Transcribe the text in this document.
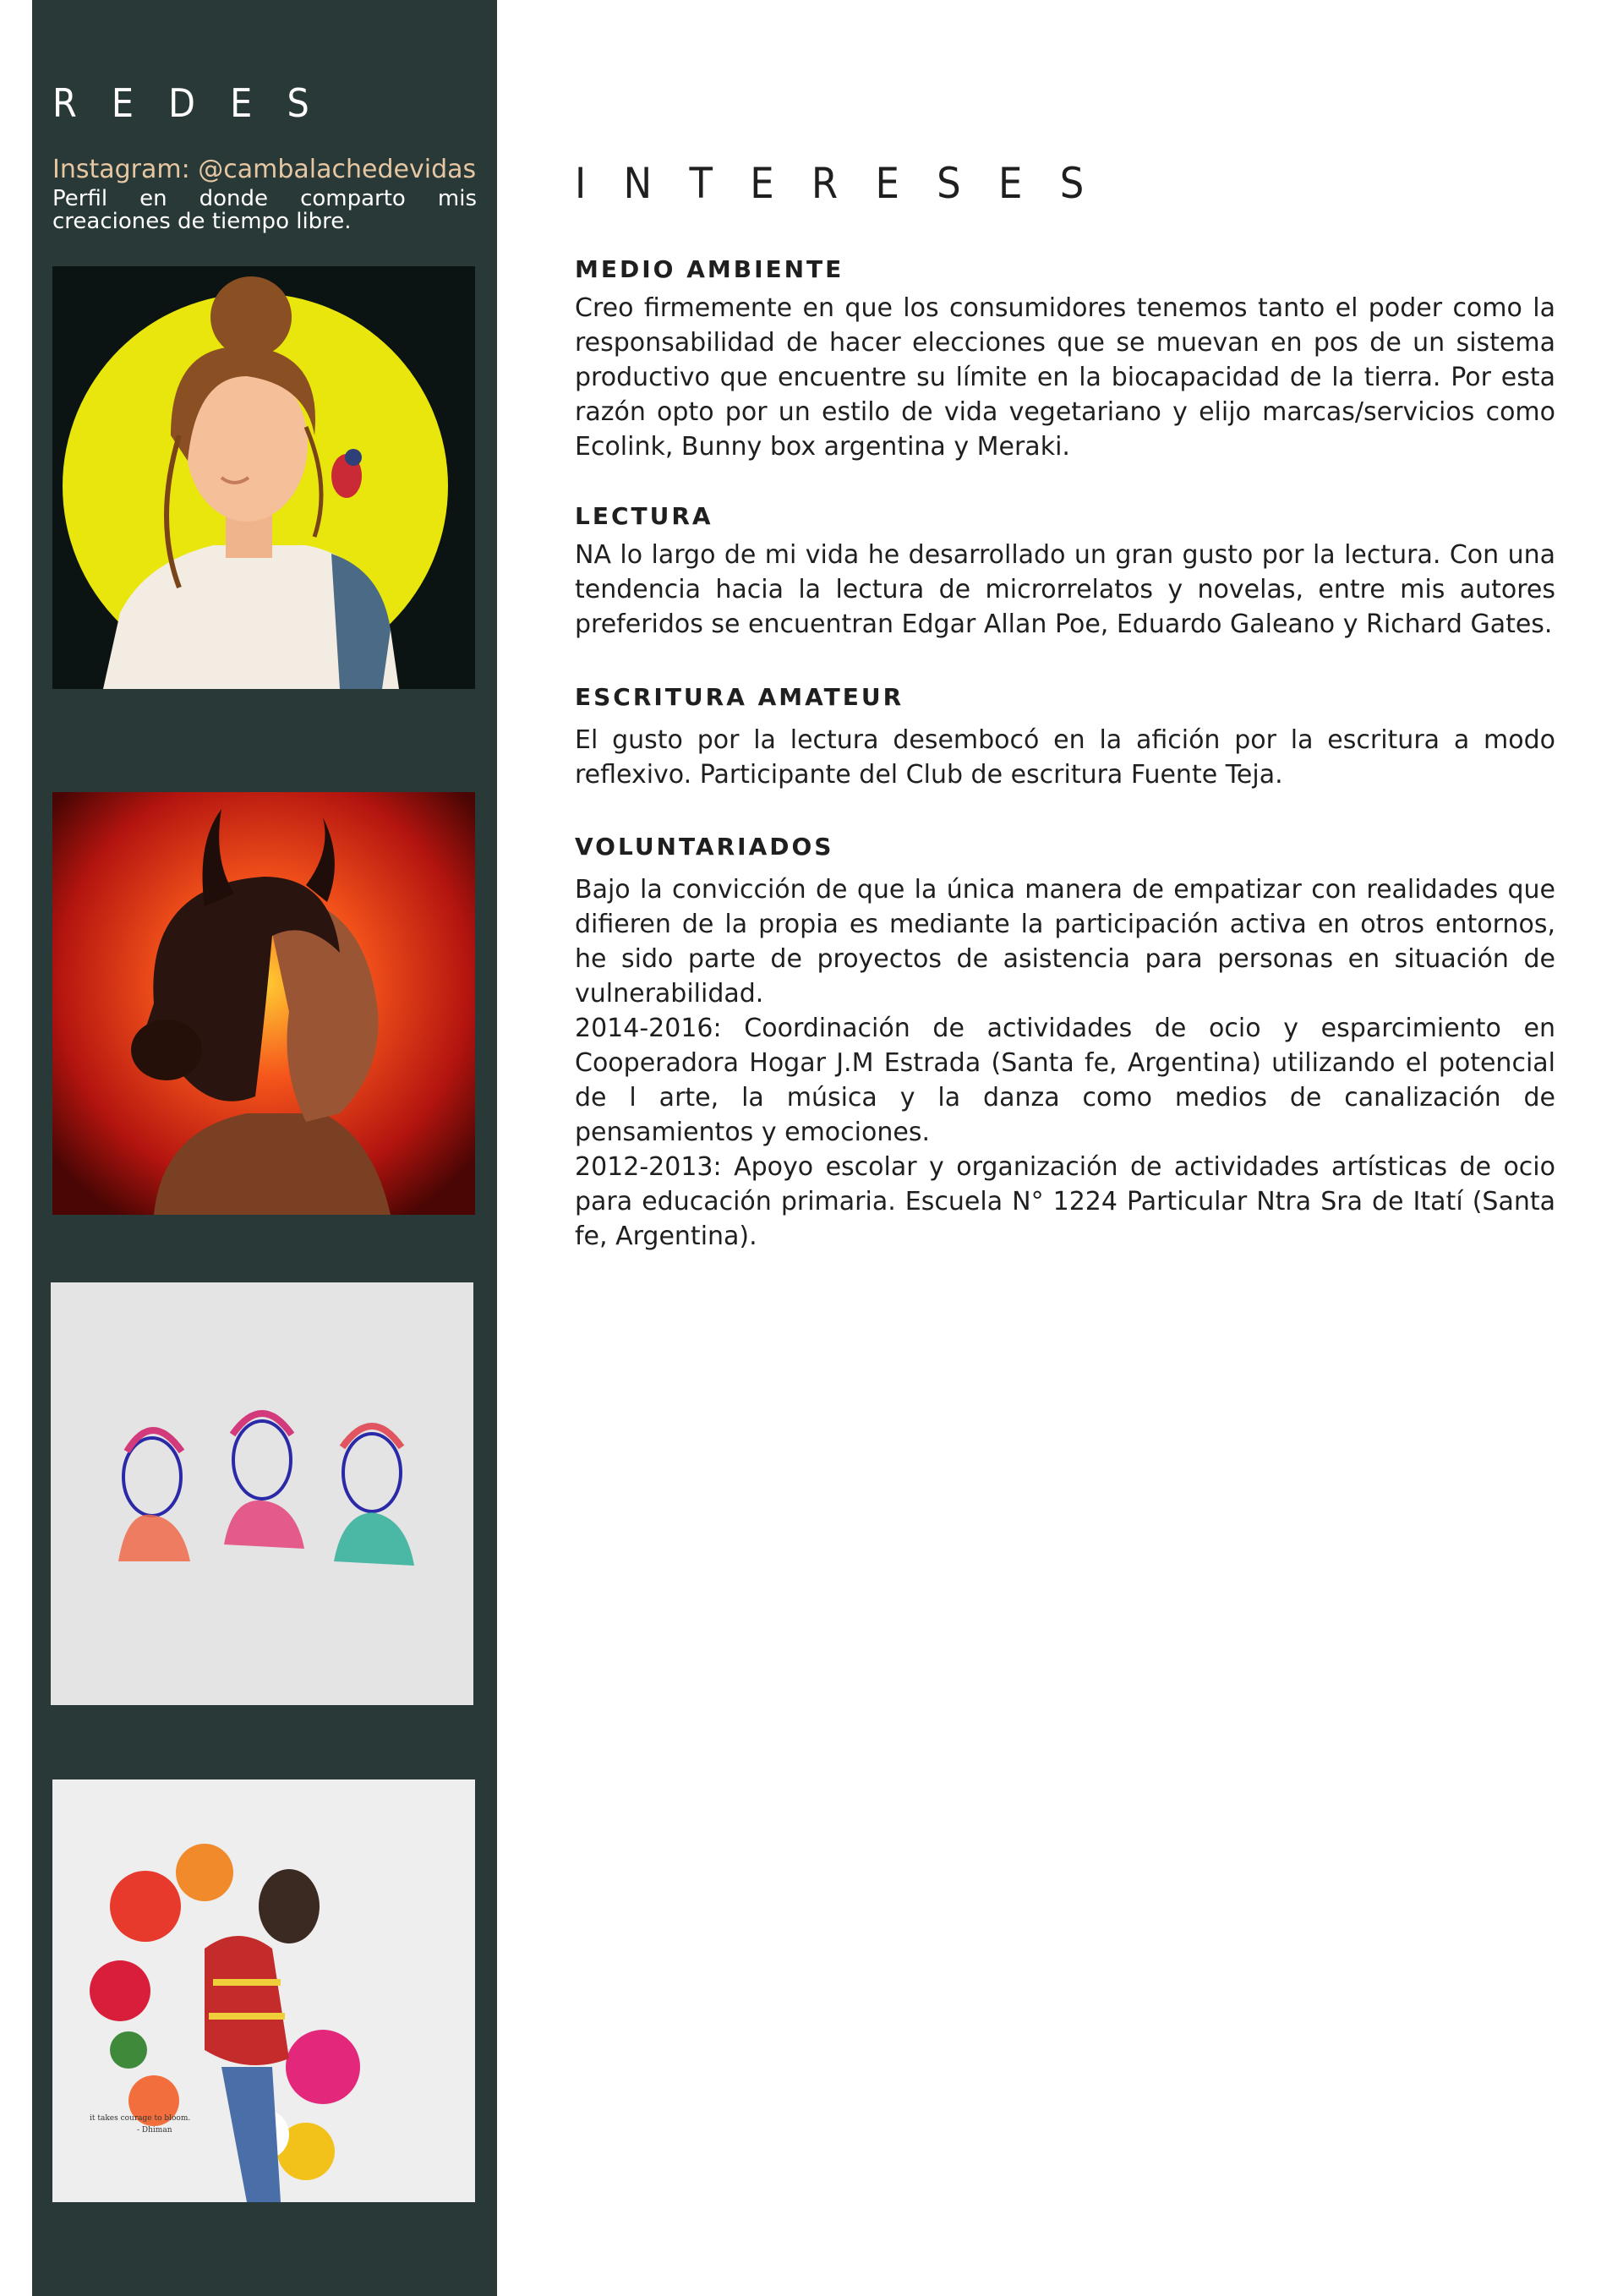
R E D E S
Instagram: @cambalachedevidas

Perfil en donde comparto mis creaciones de tiempo libre.

it takes courage to bloom.
- Dhiman
I N T E R E S E S
MEDIO AMBIENTE

Creo firmemente en que los consumidores tenemos tanto el poder como la responsabilidad de hacer elecciones que se muevan en pos de un sistema productivo que encuentre su límite en la biocapacidad de la tierra. Por esta razón opto por un estilo de vida vegetariano y elijo marcas/servicios como Ecolink, Bunny box argentina y Meraki.

LECTURA

NA lo largo de mi vida he desarrollado un gran gusto por la lectura. Con una tendencia hacia la lectura de microrrelatos y novelas, entre mis autores preferidos se encuentran Edgar Allan Poe, Eduardo Galeano y Richard Gates.

ESCRITURA AMATEUR

El gusto por la lectura desembocó en la afición por la escritura a modo reflexivo. Participante del Club de escritura Fuente Teja.

VOLUNTARIADOS

Bajo la convicción de que la única manera de empatizar con realidades que difieren de la propia es mediante la participación activa en otros entornos, he sido parte de proyectos de asistencia para personas en situación de vulnerabilidad.

2014-2016: Coordinación de actividades de ocio y esparcimiento en Cooperadora Hogar J.M Estrada (Santa fe, Argentina) utilizando el potencial de l arte, la música y la danza como medios de canalización de pensamientos y emociones.

2012-2013: Apoyo escolar y organización de actividades artísticas de ocio para educación primaria. Escuela N° 1224 Particular Ntra Sra de Itatí (Santa fe, Argentina).
